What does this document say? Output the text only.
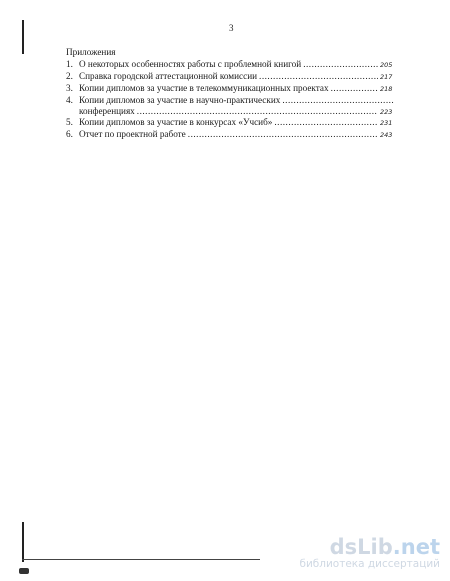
3
Приложения
1. О некоторых особенностях работы с проблемной книгой .....	205
2. Справка городской аттестационной комиссии .....	217
3. Копии дипломов за участие в телекоммуникационных проектах .....	218
4. Копии дипломов за участие в научно-практических
.....
конференциях .....	223
5. Копии дипломов за участие в конкурсах «Учсиб» .....	231
6. Отчет по проектной работе .....	243
dsLib.net
библиотека диссертаций
